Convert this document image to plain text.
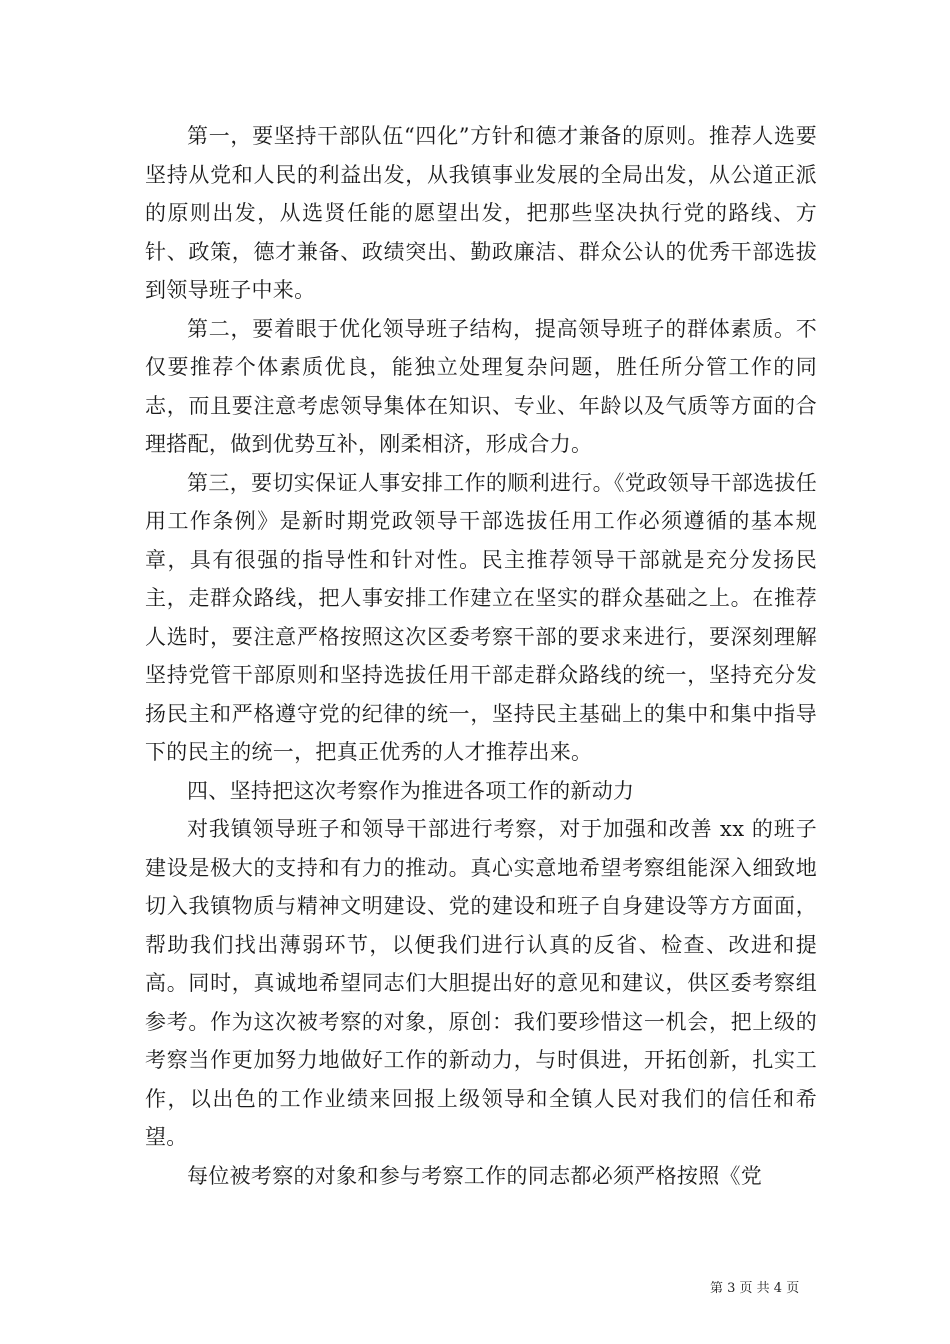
第一，要坚持干部队伍“四化”方针和德才兼备的原则。推荐人选要坚持从党和人民的利益出发，从我镇事业发展的全局出发，从公道正派的原则出发，从选贤任能的愿望出发，把那些坚决执行党的路线、方针、政策，德才兼备、政绩突出、勤政廉洁、群众公认的优秀干部选拔到领导班子中来。

第二，要着眼于优化领导班子结构，提高领导班子的群体素质。不仅要推荐个体素质优良，能独立处理复杂问题，胜任所分管工作的同志，而且要注意考虑领导集体在知识、专业、年龄以及气质等方面的合理搭配，做到优势互补，刚柔相济，形成合力。

第三，要切实保证人事安排工作的顺利进行。《党政领导干部选拔任用工作条例》是新时期党政领导干部选拔任用工作必须遵循的基本规章，具有很强的指导性和针对性。民主推荐领导干部就是充分发扬民主，走群众路线，把人事安排工作建立在坚实的群众基础之上。在推荐人选时，要注意严格按照这次区委考察干部的要求来进行，要深刻理解坚持党管干部原则和坚持选拔任用干部走群众路线的统一，坚持充分发扬民主和严格遵守党的纪律的统一，坚持民主基础上的集中和集中指导下的民主的统一，把真正优秀的人才推荐出来。

四、坚持把这次考察作为推进各项工作的新动力

对我镇领导班子和领导干部进行考察，对于加强和改善 xx 的班子建设是极大的支持和有力的推动。真心实意地希望考察组能深入细致地切入我镇物质与精神文明建设、党的建设和班子自身建设等方方面面，帮助我们找出薄弱环节，以便我们进行认真的反省、检查、改进和提高。同时，真诚地希望同志们大胆提出好的意见和建议，供区委考察组参考。作为这次被考察的对象，原创：我们要珍惜这一机会，把上级的考察当作更加努力地做好工作的新动力，与时俱进，开拓创新，扎实工作，以出色的工作业绩来回报上级领导和全镇人民对我们的信任和希望。

每位被考察的对象和参与考察工作的同志都必须严格按照《党

第 3 页 共 4 页
